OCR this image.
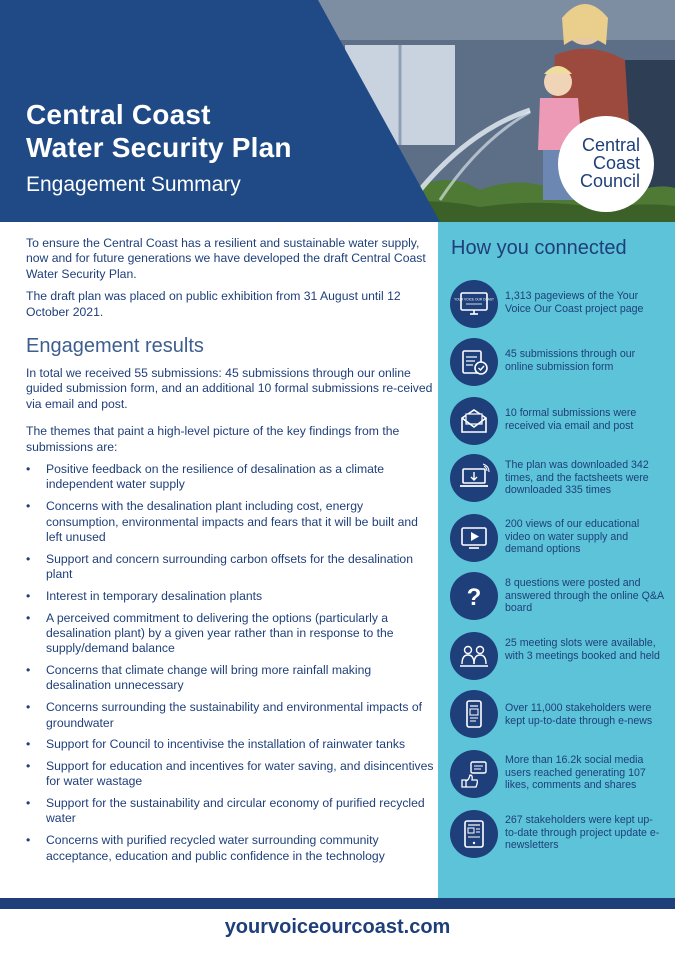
Central Coast
Water Security Plan
Engagement Summary
Central
Coast
Council

To ensure the Central Coast has a resilient and sustainable water supply, now and for future generations we have developed the draft Central Coast Water Security Plan.

The draft plan was placed on public exhibition from 31 August until 12 October 2021.

Engagement results

In total we received 55 submissions: 45 submissions through our online guided submission form, and an additional 10 formal submissions re-ceived via email and post.

The themes that paint a high-level picture of the key findings from the submissions are:

• Positive feedback on the resilience of desalination as a climate independent water supply
• Concerns with the desalination plant including cost, energy consumption, environmental impacts and fears that it will be built and left unused
• Support and concern surrounding carbon offsets for the desalination plant
• Interest in temporary desalination plants
• A perceived commitment to delivering the options (particularly a desalination plant) by a given year rather than in response to the supply/demand balance
• Concerns that climate change will bring more rainfall making desalination unnecessary
• Concerns surrounding the sustainability and environmental impacts of groundwater
• Support for Council to incentivise the installation of rainwater tanks
• Support for education and incentives for water saving, and disincentives for water wastage
• Support for the sustainability and circular economy of purified recycled water
• Concerns with purified recycled water surrounding community acceptance, education and public confidence in the technology
How you connected
YOUR VOICE OUR COAST 1,313 pageviews of the Your Voice Our Coast project page
45 submissions through our online submission form
10 formal submissions were received via email and post
The plan was downloaded 342 times, and the factsheets were downloaded 335 times
200 views of our educational video on water supply and demand options
?
8 questions were posted and answered through the online Q&A board
25 meeting slots were available, with 3 meetings booked and held
Over 11,000 stakeholders were kept up-to-date through e-news
More than 16.2k social media users reached generating 107 likes, comments and shares
267 stakeholders were kept up-to-date through project update e-newsletters
yourvoiceourcoast.com
